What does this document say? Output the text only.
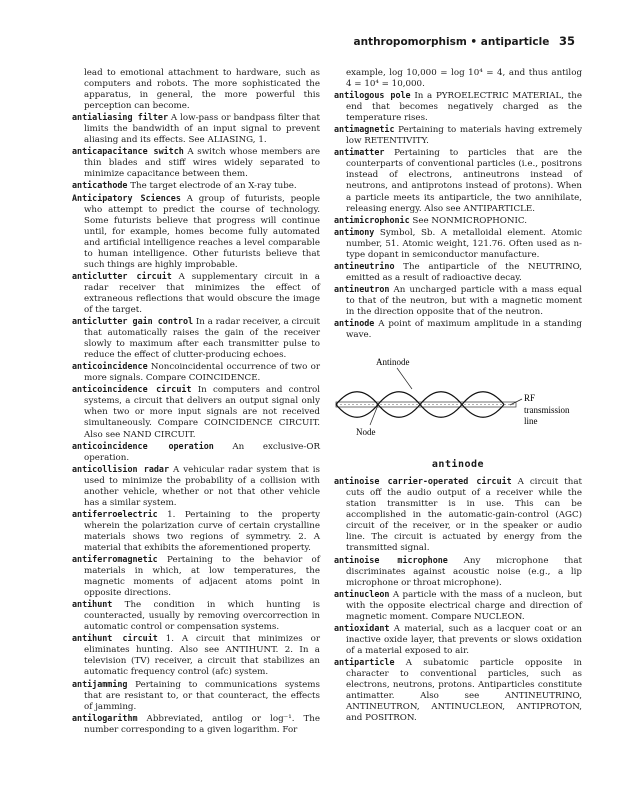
anthropomorphism • antiparticle 35

lead to emotional attachment to hardware, such as computers and robots. The more sophisticated the apparatus, in general, the more powerful this perception can become.

antialiasing filter A low-pass or bandpass filter that limits the bandwidth of an input signal to prevent aliasing and its effects. See ALIASING, 1.

anticapacitance switch A switch whose members are thin blades and stiff wires widely separated to minimize capacitance between them.

anticathode The target electrode of an X-ray tube.

Anticipatory Sciences A group of futurists, people who attempt to predict the course of technology. Some futurists believe that progress will continue until, for example, homes become fully automated and artificial intelligence reaches a level comparable to human intelligence. Other futurists believe that such things are highly improbable.

anticlutter circuit A supplementary circuit in a radar receiver that minimizes the effect of extraneous reflections that would obscure the image of the target.

anticlutter gain control In a radar receiver, a circuit that automatically raises the gain of the receiver slowly to maximum after each transmitter pulse to reduce the effect of clutter-producing echoes.

anticoincidence Noncoincidental occurrence of two or more signals. Compare COINCIDENCE.

anticoincidence circuit In computers and control systems, a circuit that delivers an output signal only when two or more input signals are not received simultaneously. Compare COINCIDENCE CIRCUIT. Also see NAND CIRCUIT.

anticoincidence operation An exclusive-OR operation.

anticollision radar A vehicular radar system that is used to minimize the probability of a collision with another vehicle, whether or not that other vehicle has a similar system.

antiferroelectric 1. Pertaining to the property wherein the polarization curve of certain crystalline materials shows two regions of symmetry. 2. A material that exhibits the aforementioned property.

antiferromagnetic Pertaining to the behavior of materials in which, at low temperatures, the magnetic moments of adjacent atoms point in opposite directions.

antihunt The condition in which hunting is counteracted, usually by removing overcorrection in automatic control or compensation systems.

antihunt circuit 1. A circuit that minimizes or eliminates hunting. Also see ANTIHUNT. 2. In a television (TV) receiver, a circuit that stabilizes an automatic frequency control (afc) system.

antijamming Pertaining to communications systems that are resistant to, or that counteract, the effects of jamming.

antilogarithm Abbreviated, antilog or log⁻¹. The number corresponding to a given logarithm. For

example, log 10,000 = log 10⁴ = 4, and thus antilog 4 = 10⁴ = 10,000.

antilogous pole In a PYROELECTRIC MATERIAL, the end that becomes negatively charged as the temperature rises.

antimagnetic Pertaining to materials having extremely low RETENTIVITY.

antimatter Pertaining to particles that are the counterparts of conventional particles (i.e., positrons instead of electrons, antineutrons instead of neutrons, and antiprotons instead of protons). When a particle meets its antiparticle, the two annihilate, releasing energy. Also see ANTIPARTICLE.

antimicrophonic See NONMICROPHONIC.

antimony Symbol, Sb. A metalloidal element. Atomic number, 51. Atomic weight, 121.76. Often used as n-type dopant in semiconductor manufacture.

antineutrino The antiparticle of the NEUTRINO, emitted as a result of radioactive decay.

antineutron An uncharged particle with a mass equal to that of the neutron, but with a magnetic moment in the direction opposite that of the neutron.

antinode A point of maximum amplitude in a standing wave.

Antinode
RF
transmission
line
Node
antinode

antinoise carrier-operated circuit A circuit that cuts off the audio output of a receiver while the station transmitter is in use. This can be accomplished in the automatic-gain-control (AGC) circuit of the receiver, or in the speaker or audio line. The circuit is actuated by energy from the transmitted signal.

antinoise microphone Any microphone that discriminates against acoustic noise (e.g., a lip microphone or throat microphone).

antinucleon A particle with the mass of a nucleon, but with the opposite electrical charge and direction of magnetic moment. Compare NUCLEON.

antioxidant A material, such as a lacquer coat or an inactive oxide layer, that prevents or slows oxidation of a material exposed to air.

antiparticle A subatomic particle opposite in character to conventional particles, such as electrons, neutrons, protons. Antiparticles constitute antimatter. Also see ANTINEUTRINO, ANTINEUTRON, ANTINUCLEON, ANTIPROTON, and POSITRON.
